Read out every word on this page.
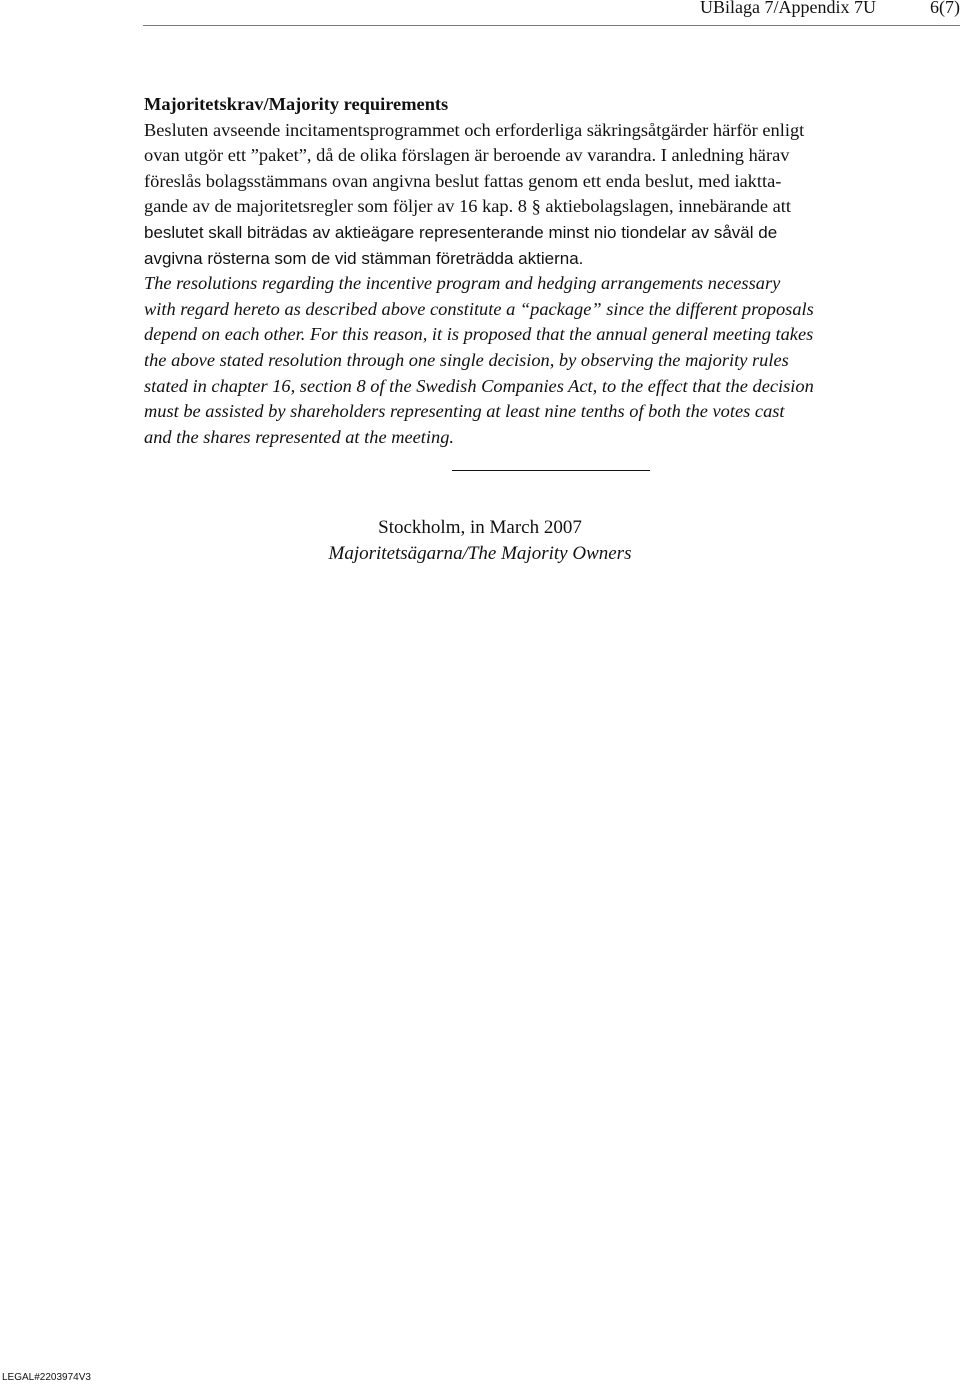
UBilaga 7/Appendix 7U	6(7)
Majoritetskrav/Majority requirements
Besluten avseende incitamentsprogrammet och erforderliga säkringsåtgärder härför enligt
ovan utgör ett ”paket”, då de olika förslagen är beroende av varandra. I anledning härav
föreslås bolagsstämmans ovan angivna beslut fattas genom ett enda beslut, med iaktta-
gande av de majoritetsregler som följer av 16 kap. 8 § aktiebolagslagen, innebärande att
beslutet skall biträdas av aktieägare representerande minst nio tiondelar av såväl de
avgivna rösterna som de vid stämman företrädda aktierna.
The resolutions regarding the incentive program and hedging arrangements necessary
with regard hereto as described above constitute a “package” since the different proposals
depend on each other. For this reason, it is proposed that the annual general meeting takes
the above stated resolution through one single decision, by observing the majority rules
stated in chapter 16, section 8 of the Swedish Companies Act, to the effect that the decision
must be assisted by shareholders representing at least nine tenths of both the votes cast
and the shares represented at the meeting.
Stockholm, in March 2007
Majoritetsägarna/The Majority Owners
LEGAL#2203974V3
